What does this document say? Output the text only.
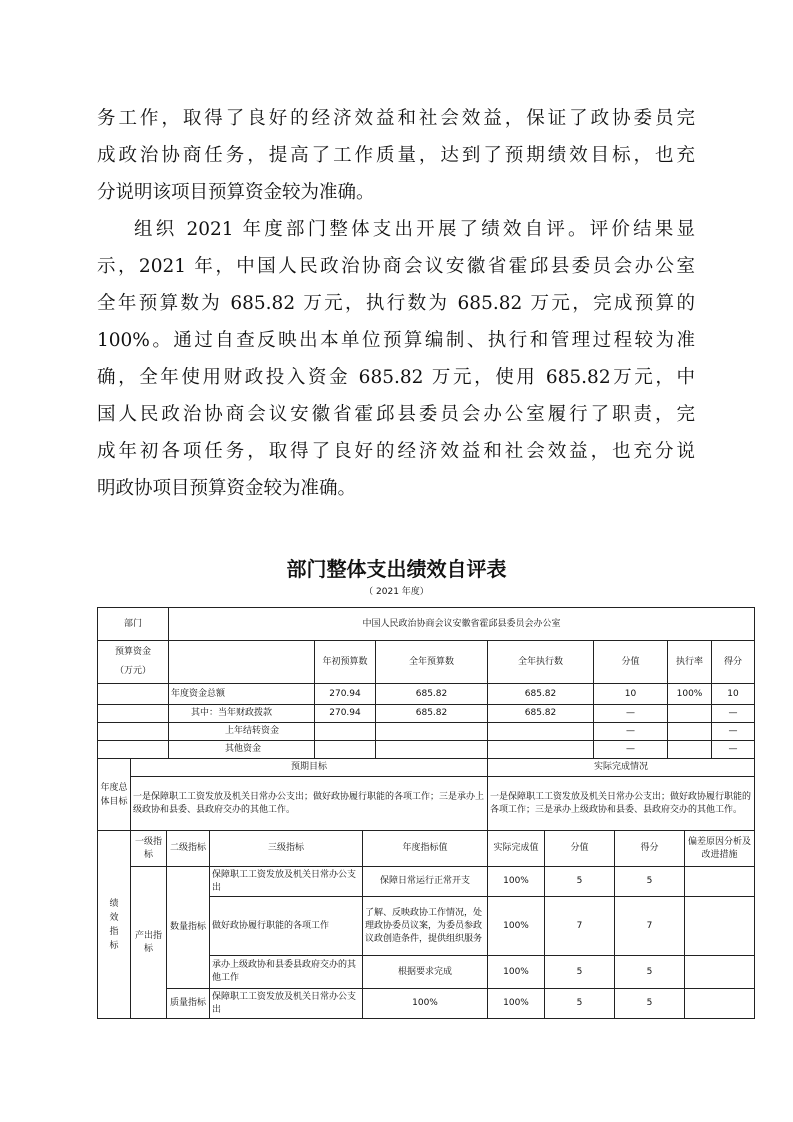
务工作，取得了良好的经济效益和社会效益，保证了政协委员完
成政治协商任务，提高了工作质量，达到了预期绩效目标，也充
分说明该项目预算资金较为准确。
组织 2021 年度部门整体支出开展了绩效自评。评价结果显
示，2021 年，中国人民政治协商会议安徽省霍邱县委员会办公室
全年预算数为 685.82 万元，执行数为 685.82 万元，完成预算的
100%。通过自查反映出本单位预算编制、执行和管理过程较为准
确，全年使用财政投入资金 685.82 万元，使用 685.82万元，中
国人民政治协商会议安徽省霍邱县委员会办公室履行了职责，完
成年初各项任务，取得了良好的经济效益和社会效益，也充分说
明政协项目预算资金较为准确。
部门整体支出绩效自评表
（ 2021 年度）
部门	中国人民政治协商会议安徽省霍邱县委员会办公室						

预算资金
（万元）		年初预算数	全年预算数	全年执行数	分值	执行率	得分
	年度资金总额	270.94	685.82	685.82	10	100%	10
	其中：当年财政拨款	270.94	685.82	685.82	—		—
	上年结转资金				—		—
	其他资金				—		—
年度总体目标	预期目标	实际完成情况
	一是保障职工工资发放及机关日常办公支出；做好政协履行职能的各项工作；三是承办上级政协和县委、县政府交办的其他工作。	一是保障职工工资发放及机关日常办公支出；做好政协履行职能的各项工作；三是承办上级政协和县委、县政府交办的其他工作。
绩效指标	一级指标	二级指标	三级指标	年度指标值	实际完成值	分值	得分	偏差原因分析及改进措施
	产出指标	数量指标	保障职工工资发放及机关日常办公支出	保障日常运行正常开支	100%	5	5	
			做好政协履行职能的各项工作	了解、反映政协工作情况，处理政协委员议案，为委员参政议政创造条件，提供组织服务	100%	7	7	
			承办上级政协和县委县政府交办的其他工作	根据要求完成	100%	5	5	
		质量指标	保障职工工资发放及机关日常办公支出	100%	100%	5	5	
